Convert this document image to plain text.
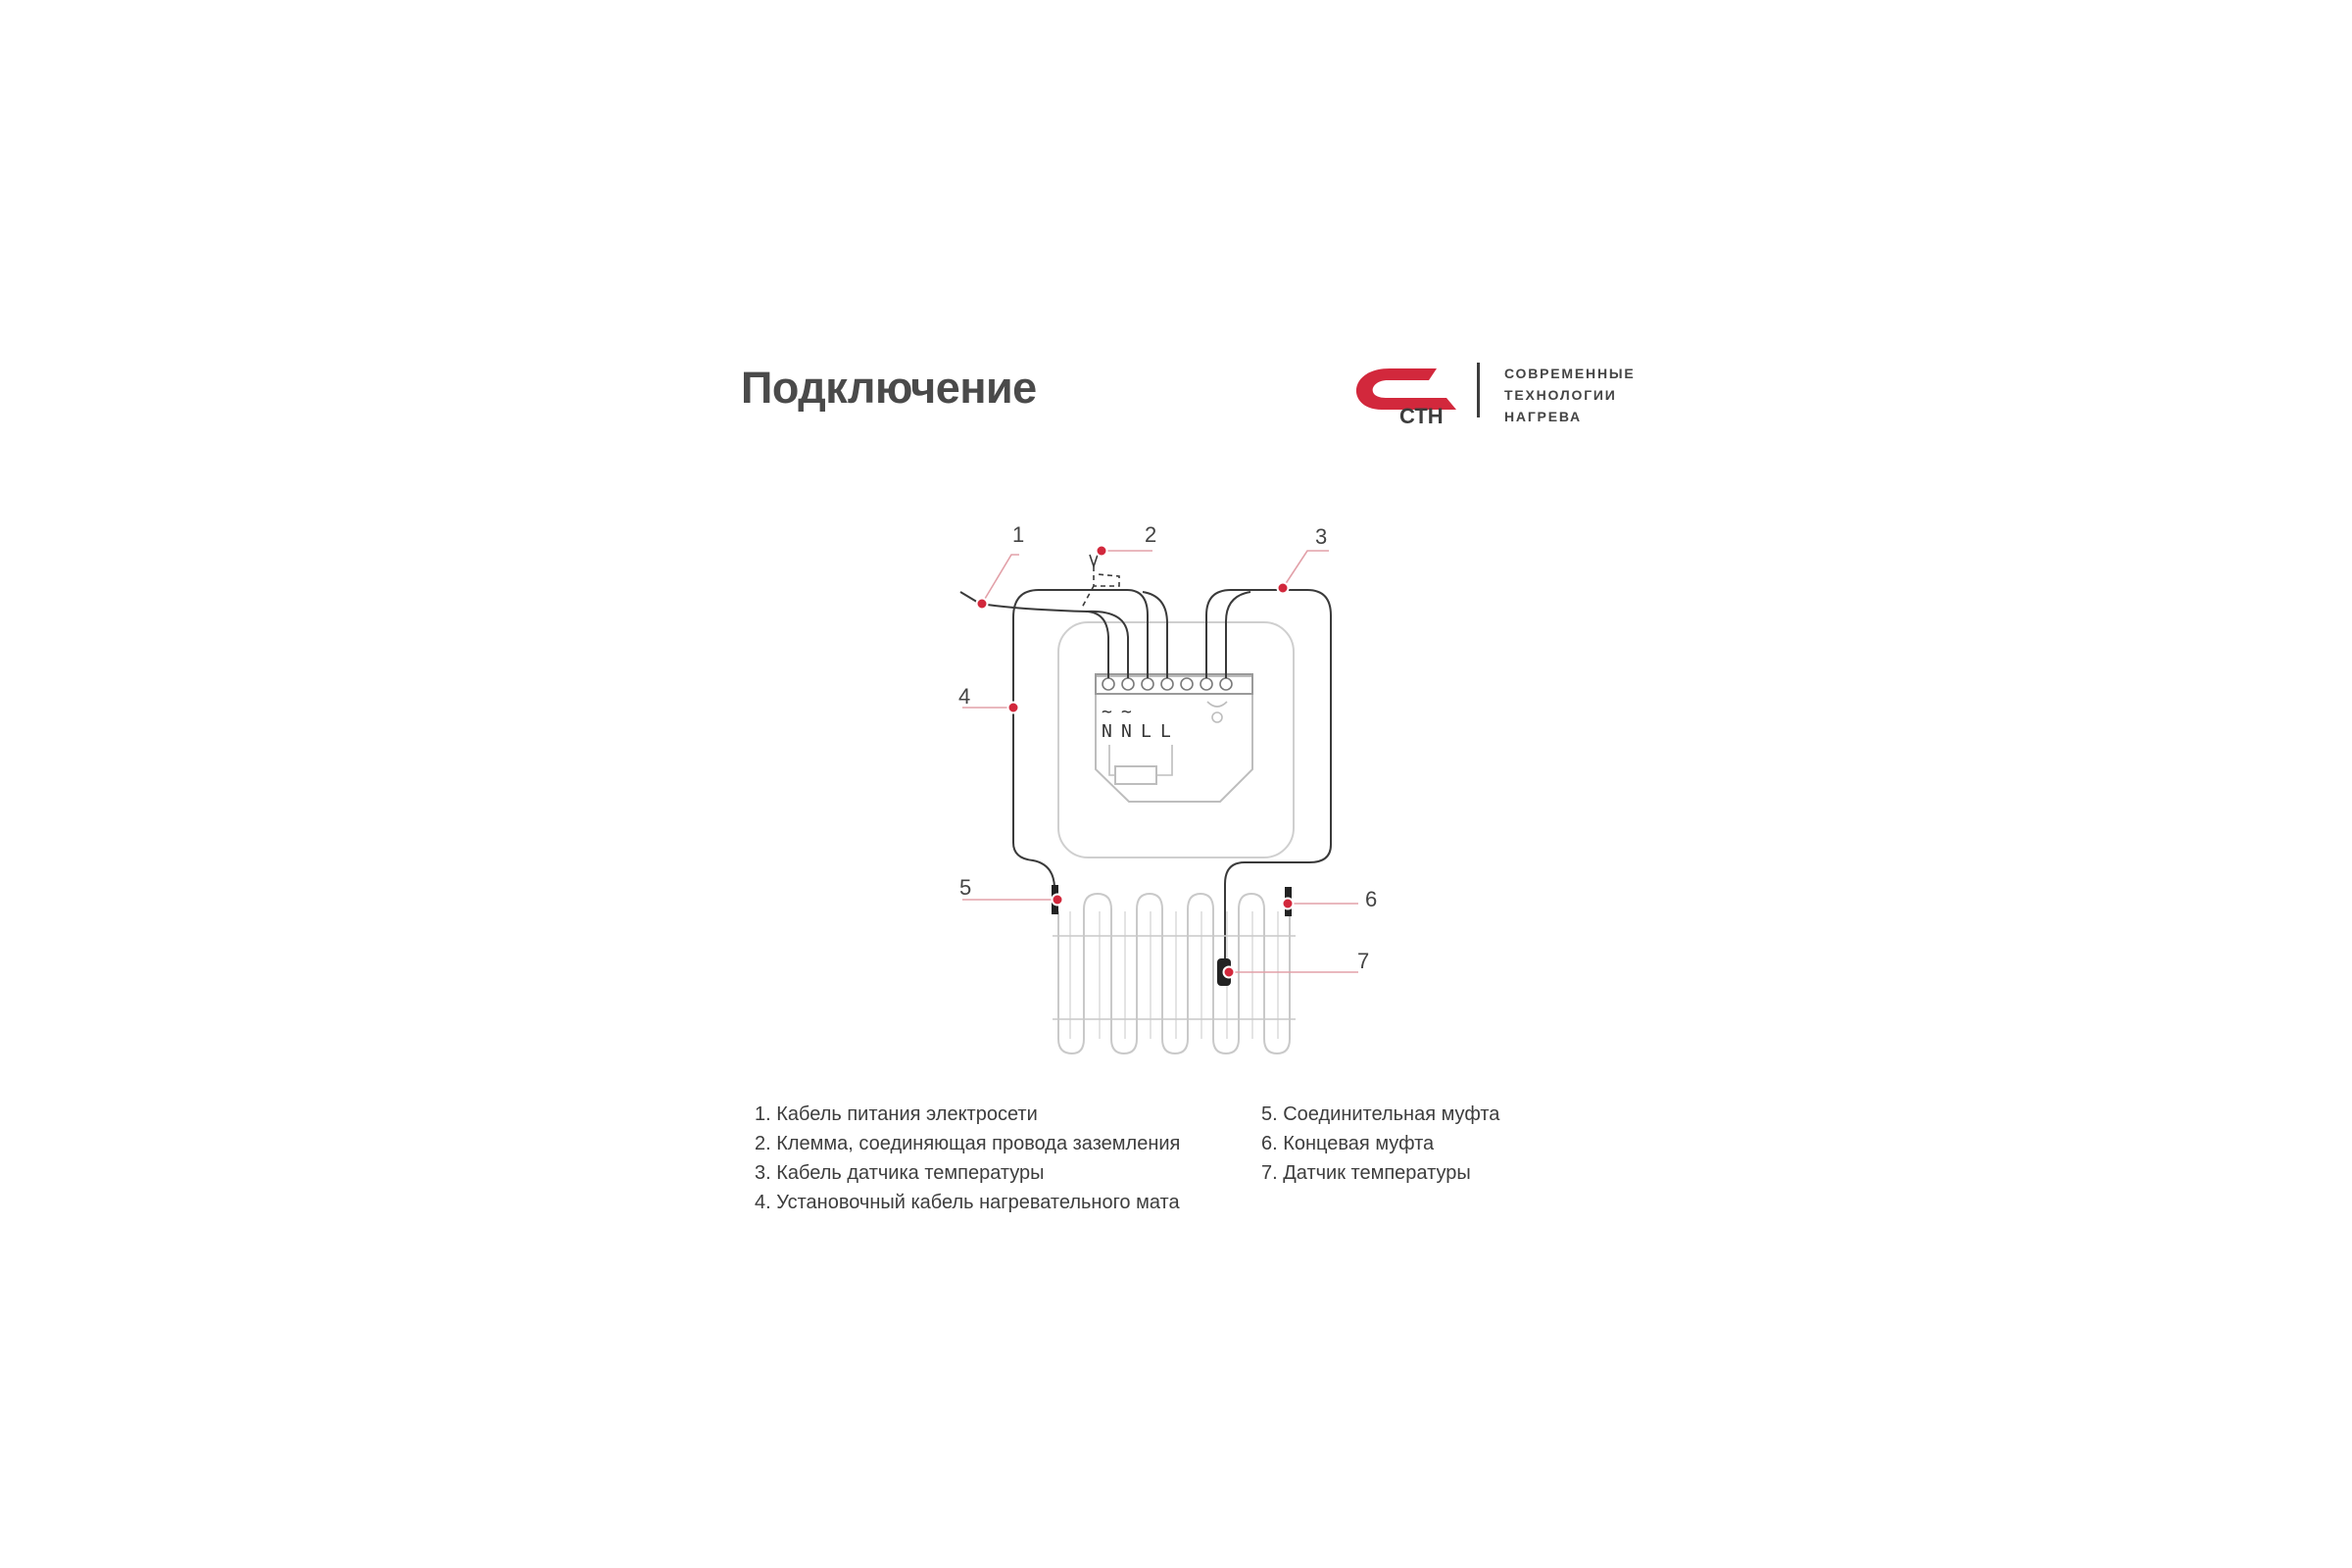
Подключение
СТН
СОВРЕМЕННЫЕ
ТЕХНОЛОГИИ
НАГРЕВА
~ ~
N N L L
1	2	3
4
5	6
7
1. Кабель питания электросети
2. Клемма, соединяющая провода заземления
3. Кабель датчика температуры
4. Установочный кабель нагревательного мата
5. Соединительная муфта
6. Концевая муфта
7. Датчик температуры
